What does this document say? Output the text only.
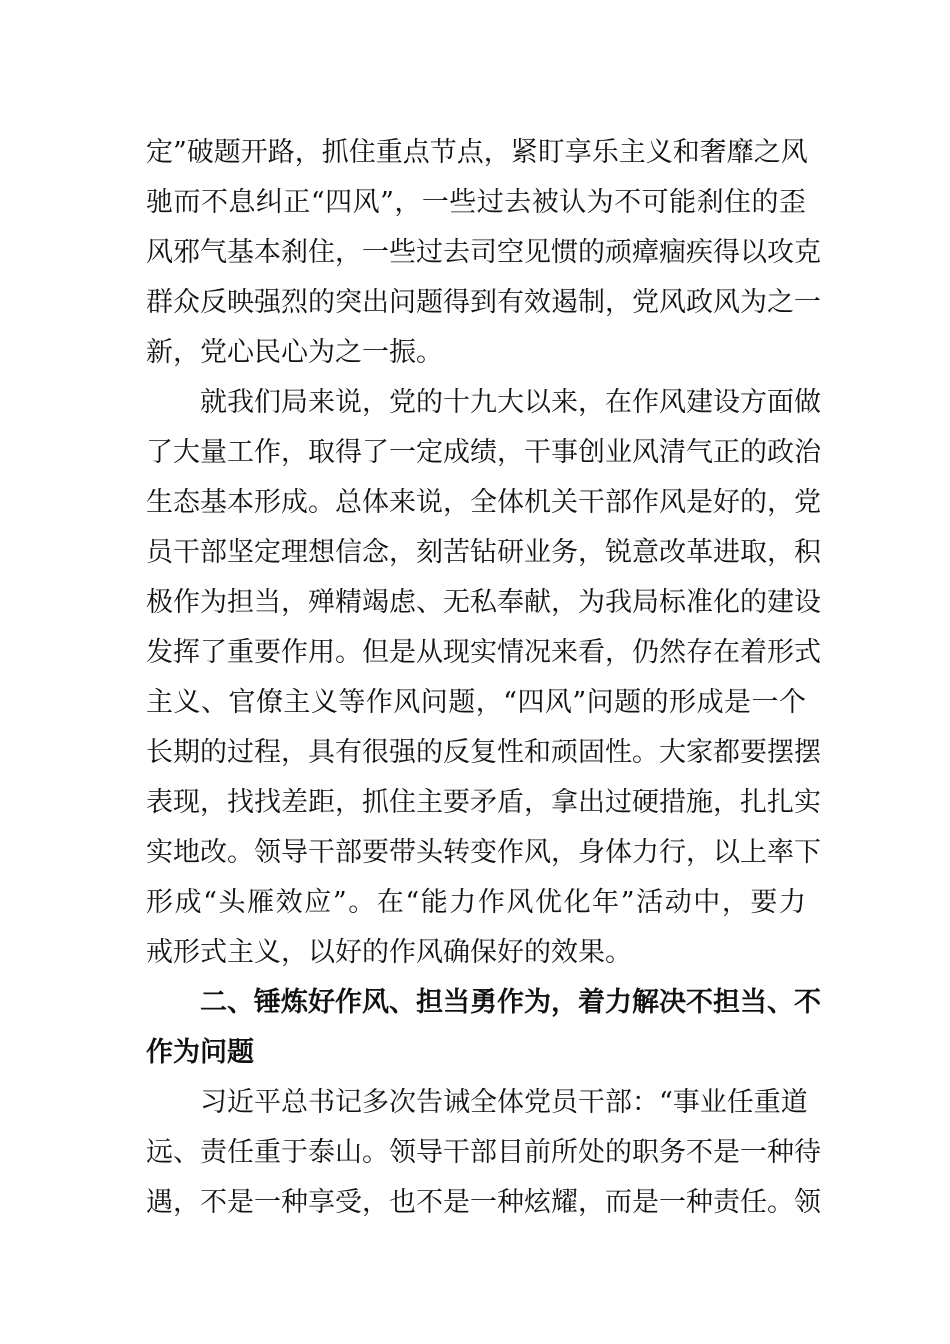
定”破题开路，抓住重点节点，紧盯享乐主义和奢靡之风
驰而不息纠正“四风”，一些过去被认为不可能刹住的歪
风邪气基本刹住，一些过去司空见惯的顽瘴痼疾得以攻克
群众反映强烈的突出问题得到有效遏制，党风政风为之一
新，党心民心为之一振。
就我们局来说，党的十九大以来，在作风建设方面做
了大量工作，取得了一定成绩，干事创业风清气正的政治
生态基本形成。总体来说，全体机关干部作风是好的，党
员干部坚定理想信念，刻苦钻研业务，锐意改革进取，积
极作为担当，殚精竭虑、无私奉献，为我局标准化的建设
发挥了重要作用。但是从现实情况来看，仍然存在着形式
主义、官僚主义等作风问题，“四风”问题的形成是一个
长期的过程，具有很强的反复性和顽固性。大家都要摆摆
表现，找找差距，抓住主要矛盾，拿出过硬措施，扎扎实
实地改。领导干部要带头转变作风，身体力行，以上率下
形成“头雁效应”。在“能力作风优化年”活动中，要力
戒形式主义，以好的作风确保好的效果。
二、锤炼好作风、担当勇作为，着力解决不担当、不
作为问题
习近平总书记多次告诫全体党员干部：“事业任重道
远、责任重于泰山。领导干部目前所处的职务不是一种待
遇，不是一种享受，也不是一种炫耀，而是一种责任。领
